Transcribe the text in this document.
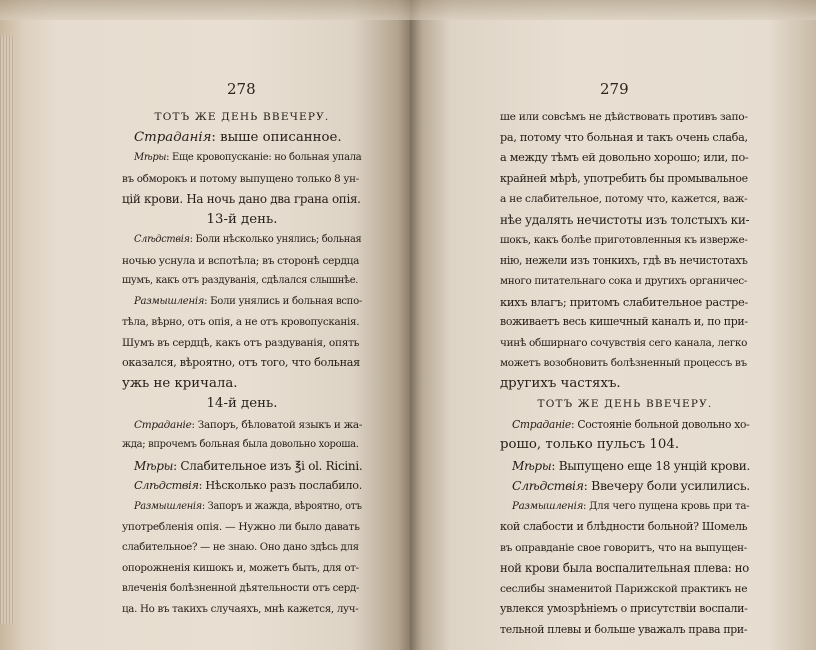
278
ТОТЪ ЖЕ ДЕНЬ ВВЕЧЕРУ.
Страданія: выше описанное.
Мѣры: Еще кровопусканіе: но больная упала
въ обморокъ и потому выпущено только 8 ун-
цій крови. На ночь дано два грана опія.
13-й день.
Слѣдствія: Боли нѣсколько унялись; больная
ночью уснула и вспотѣла; въ сторонѣ сердца
шумъ, какъ отъ раздуванія, сдѣлался слышнѣе.
Размышленія: Боли унялись и больная вспо-
тѣла, вѣрно, отъ опія, а не отъ кровопусканія.
Шумъ въ сердцѣ, какъ отъ раздуванія, опять
оказался, вѣроятно, отъ того, что больная
ужь не кричала.
14-й день.
Страданіе: Запоръ, бѣловатой языкъ и жа-
жда; впрочемъ больная была довольно хороша.
Мѣры: Слабительное изъ ℥i ol. Ricini.
Слѣдствія: Нѣсколько разъ послабило.
Размышленія: Запоръ и жажда, вѣроятно, отъ
употребленія опія. — Нужно ли было давать
слабительное? — не знаю. Оно дано здѣсь для
опорожненія кишокъ и, можетъ быть, для от-
влеченія болѣзненной дѣятельности отъ серд-
ца. Но въ такихъ случаяхъ, мнѣ кажется, луч-
279
ше или совсѣмъ не дѣйствовать противъ запо-
ра, потому что больная и такъ очень слаба,
а между тѣмъ ей довольно хорошо; или, по-
крайней мѣрѣ, употребить бы промывальное
а не слабительное, потому что, кажется, важ-
нѣе удалять нечистоты изъ толстыхъ ки-
шокъ, какъ болѣе приготовленныя къ изверже-
нію, нежели изъ тонкихъ, гдѣ въ нечистотахъ
много питательнаго сока и другихъ органичес-
кихъ влагъ; притомъ слабительное растре-
вoживаетъ весь кишечный каналъ и, по при-
чинѣ обширнаго сочувствія сего канала, легко
можетъ возобновить болѣзненный процессъ въ
другихъ частяхъ.
ТОТЪ ЖЕ ДЕНЬ ВВЕЧЕРУ.
Страданіе: Состояніе больной довольно хо-
рошо, только пульсъ 104.
Мѣры: Выпущено еще 18 унцій крови.
Слѣдствія: Ввечеру боли усилились.
Размышленія: Для чего пущена кровь при та-
кой слабости и блѣдности больной? Шомель
въ оправданіе свое говоритъ, что на выпущен-
ной крови была воспалительная плева: но
сеслибы знаменитой Парижской практикъ не
увлекся умозрѣніемъ о присутствіи воспали-
тельной плевы и больше уважалъ права при-
